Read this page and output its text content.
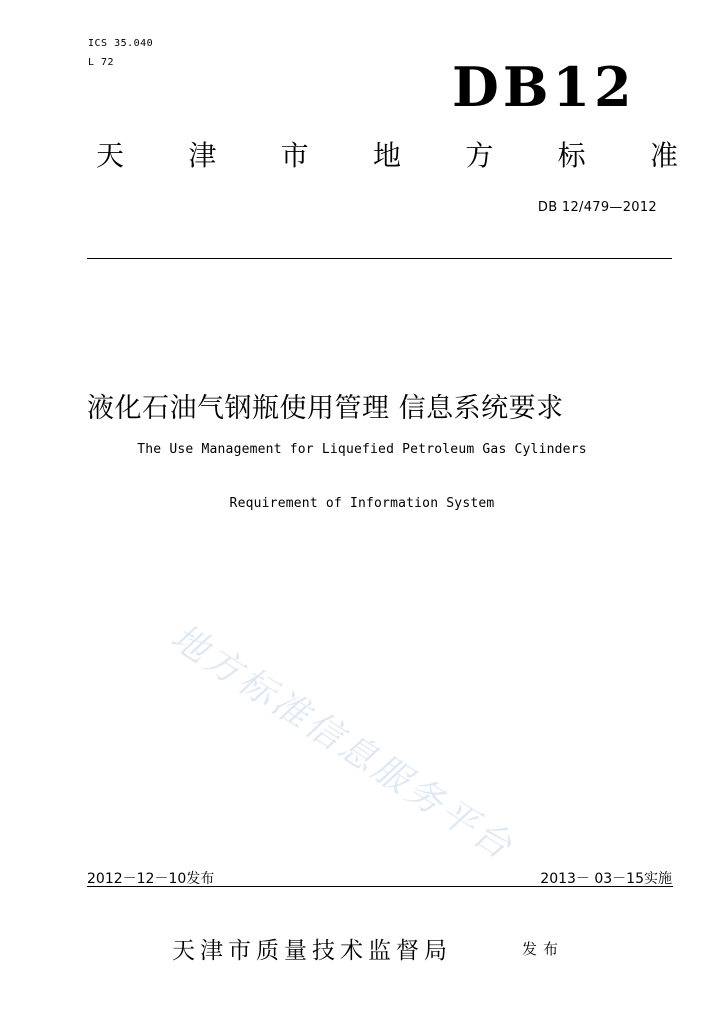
ICS 35.040
L 72	DB12
天 津 市 地 方 标 准
DB 12/479—2012
液化石油气钢瓶使用管理 信息系统要求
The Use Management for Liquefied Petroleum Gas Cylinders
Requirement of Information System
地方标准信息服务平台
2012－12－10发布	2013－ 03－15实施
天津市质量技术监督局	发布
